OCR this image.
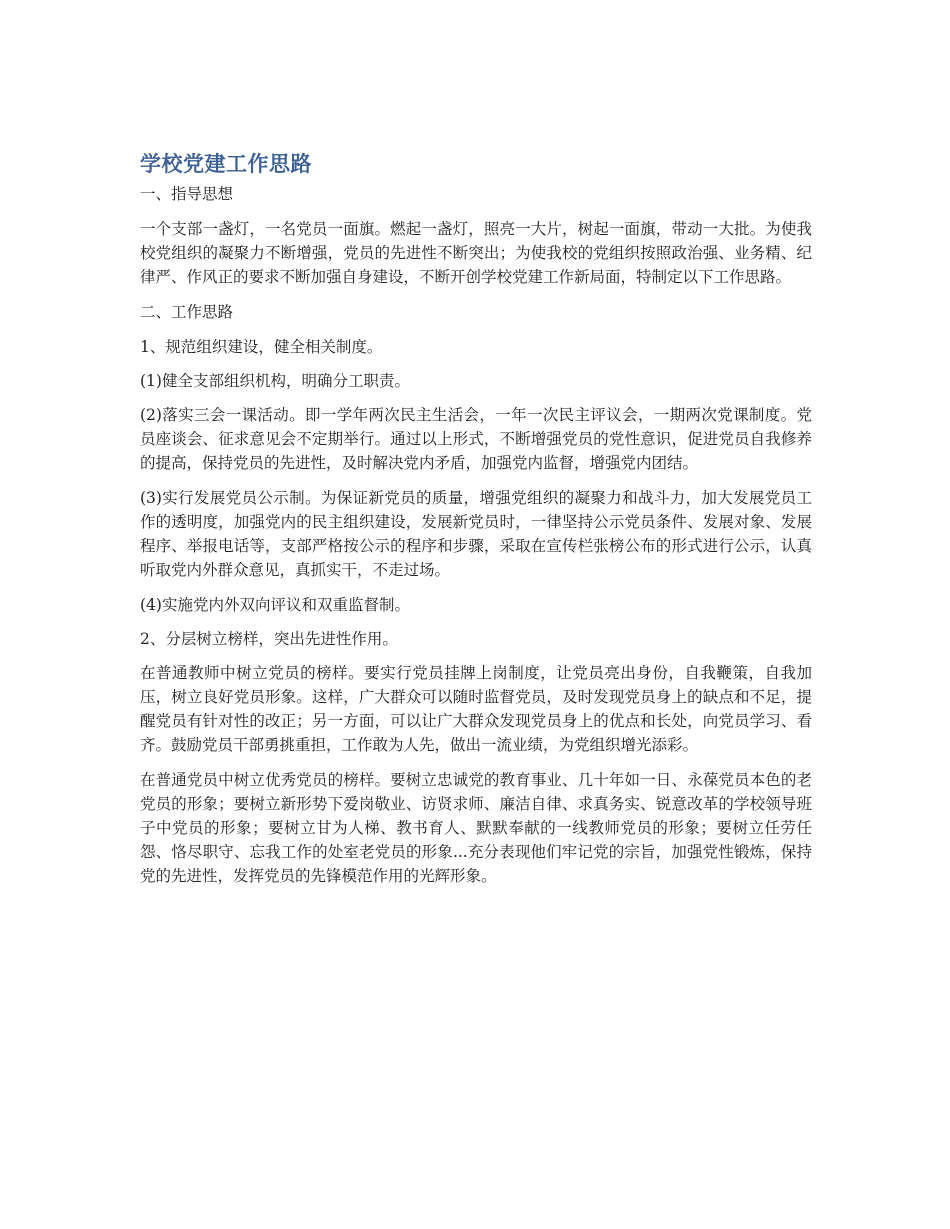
学校党建工作思路
一、指导思想

一个支部一盏灯，一名党员一面旗。燃起一盏灯，照亮一大片，树起一面旗，带动一大批。为使我校党组织的凝聚力不断增强，党员的先进性不断突出；为使我校的党组织按照政治强、业务精、纪律严、作风正的要求不断加强自身建设，不断开创学校党建工作新局面，特制定以下工作思路。

二、工作思路
1、规范组织建设，健全相关制度。
(1)健全支部组织机构，明确分工职责。

(2)落实三会一课活动。即一学年两次民主生活会，一年一次民主评议会，一期两次党课制度。党员座谈会、征求意见会不定期举行。通过以上形式，不断增强党员的党性意识，促进党员自我修养的提高，保持党员的先进性，及时解决党内矛盾，加强党内监督，增强党内团结。

(3)实行发展党员公示制。为保证新党员的质量，增强党组织的凝聚力和战斗力，加大发展党员工作的透明度，加强党内的民主组织建设，发展新党员时，一律坚持公示党员条件、发展对象、发展程序、举报电话等，支部严格按公示的程序和步骤，采取在宣传栏张榜公布的形式进行公示，认真听取党内外群众意见，真抓实干，不走过场。

(4)实施党内外双向评议和双重监督制。
2、分层树立榜样，突出先进性作用。

在普通教师中树立党员的榜样。要实行党员挂牌上岗制度，让党员亮出身份，自我鞭策，自我加压，树立良好党员形象。这样，广大群众可以随时监督党员，及时发现党员身上的缺点和不足，提醒党员有针对性的改正；另一方面，可以让广大群众发现党员身上的优点和长处，向党员学习、看齐。鼓励党员干部勇挑重担，工作敢为人先，做出一流业绩，为党组织增光添彩。

在普通党员中树立优秀党员的榜样。要树立忠诚党的教育事业、几十年如一日、永葆党员本色的老党员的形象；要树立新形势下爱岗敬业、访贤求师、廉洁自律、求真务实、锐意改革的学校领导班子中党员的形象；要树立甘为人梯、教书育人、默默奉献的一线教师党员的形象；要树立任劳任怨、恪尽职守、忘我工作的处室老党员的形象...充分表现他们牢记党的宗旨，加强党性锻炼，保持党的先进性，发挥党员的先锋模范作用的光辉形象。
